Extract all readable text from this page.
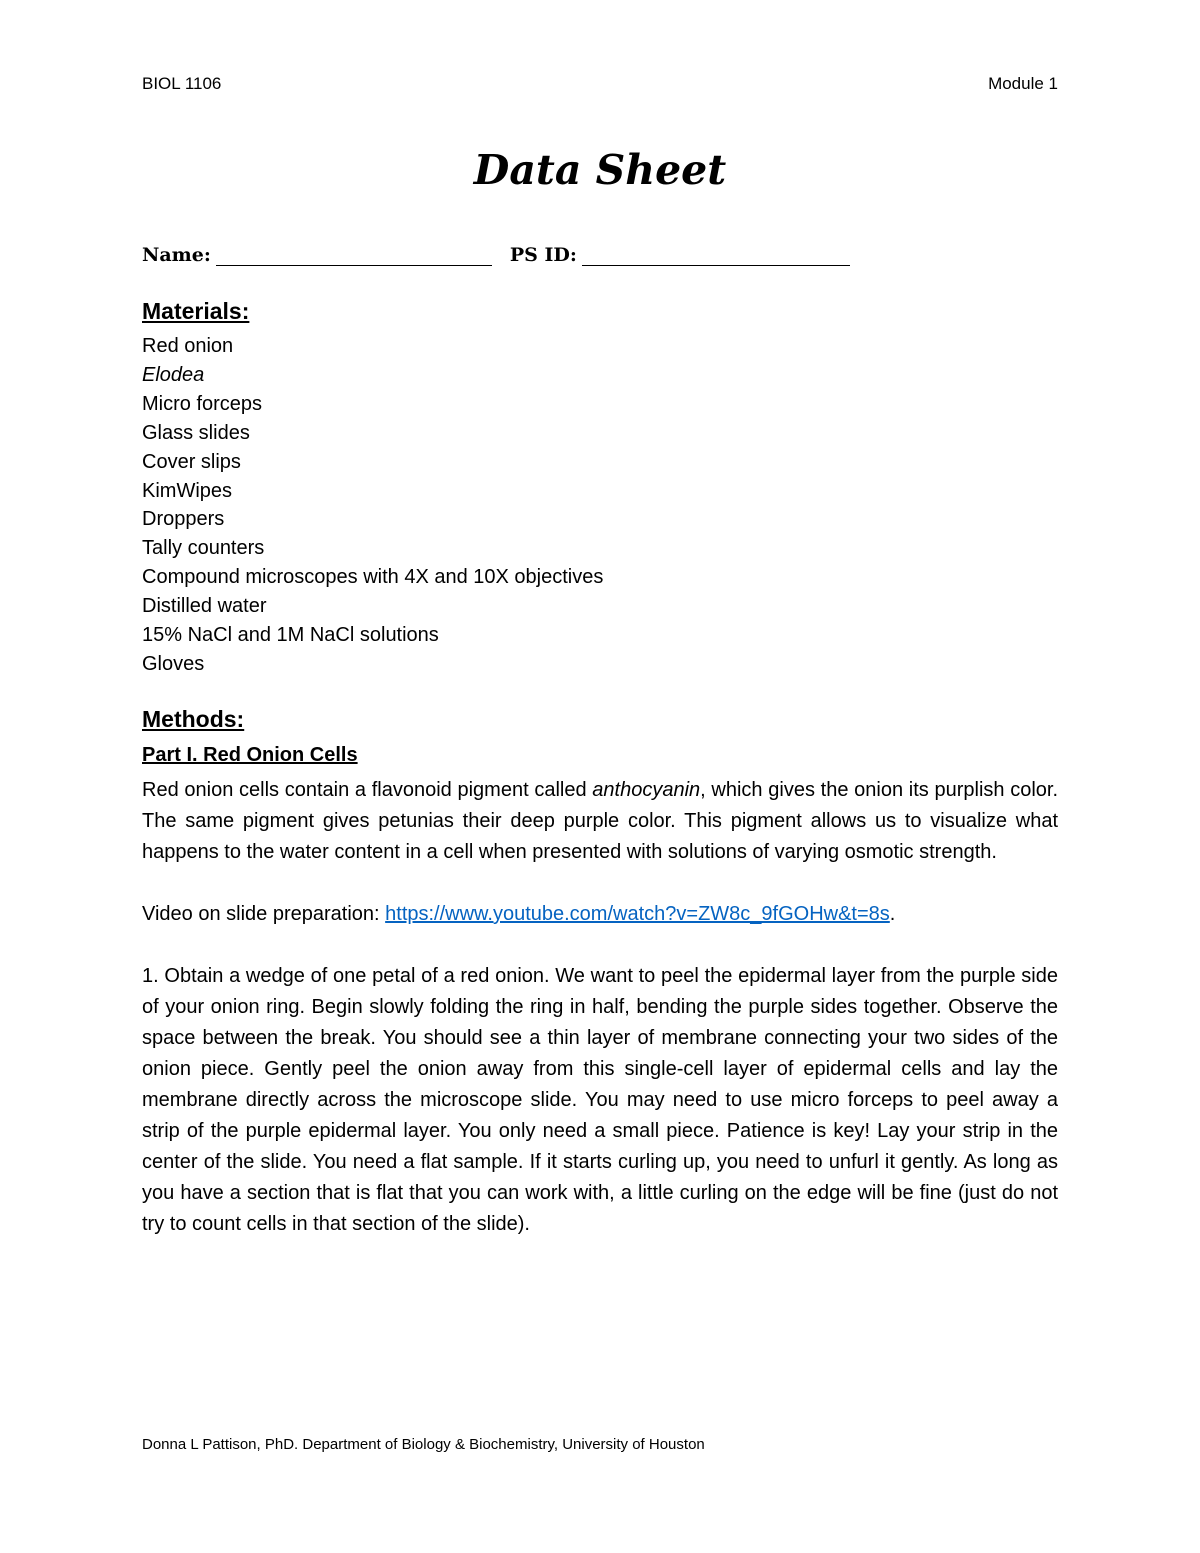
BIOL 1106	Module 1
Data Sheet
Name:	PS ID:
Materials:
Red onion
Elodea
Micro forceps
Glass slides
Cover slips
KimWipes
Droppers
Tally counters
Compound microscopes with 4X and 10X objectives
Distilled water
15% NaCl and 1M NaCl solutions
Gloves
Methods:
Part I. Red Onion Cells

Red onion cells contain a flavonoid pigment called anthocyanin, which gives the onion its purplish color. The same pigment gives petunias their deep purple color. This pigment allows us to visualize what happens to the water content in a cell when presented with solutions of varying osmotic strength.

Video on slide preparation: https://www.youtube.com/watch?v=ZW8c_9fGOHw&t=8s.

1. Obtain a wedge of one petal of a red onion. We want to peel the epidermal layer from the purple side of your onion ring. Begin slowly folding the ring in half, bending the purple sides together. Observe the space between the break. You should see a thin layer of membrane connecting your two sides of the onion piece. Gently peel the onion away from this single-cell layer of epidermal cells and lay the membrane directly across the microscope slide. You may need to use micro forceps to peel away a strip of the purple epidermal layer. You only need a small piece. Patience is key! Lay your strip in the center of the slide. You need a flat sample. If it starts curling up, you need to unfurl it gently. As long as you have a section that is flat that you can work with, a little curling on the edge will be fine (just do not try to count cells in that section of the slide).

Donna L Pattison, PhD. Department of Biology & Biochemistry, University of Houston
